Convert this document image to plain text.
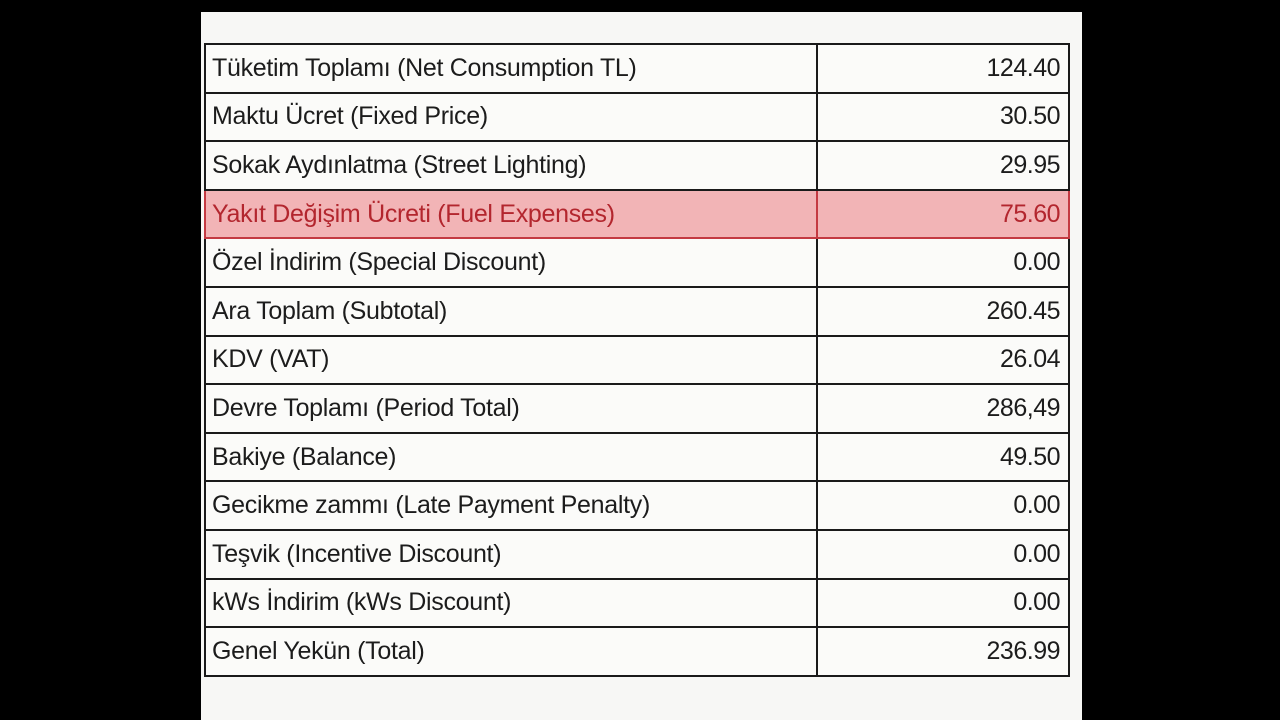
Tüketim Toplamı (Net Consumption TL)	124.40
Maktu Ücret (Fixed Price)	30.50
Sokak Aydınlatma (Street Lighting)	29.95
Yakıt Değişim Ücreti (Fuel Expenses)	75.60
Özel İndirim (Special Discount)	0.00
Ara Toplam (Subtotal)	260.45
KDV (VAT)	26.04
Devre Toplamı (Period Total)	286,49
Bakiye (Balance)	49.50
Gecikme zammı (Late Payment Penalty)	0.00
Teşvik (Incentive Discount)	0.00
kWs İndirim (kWs Discount)	0.00
Genel Yekün (Total)	236.99
